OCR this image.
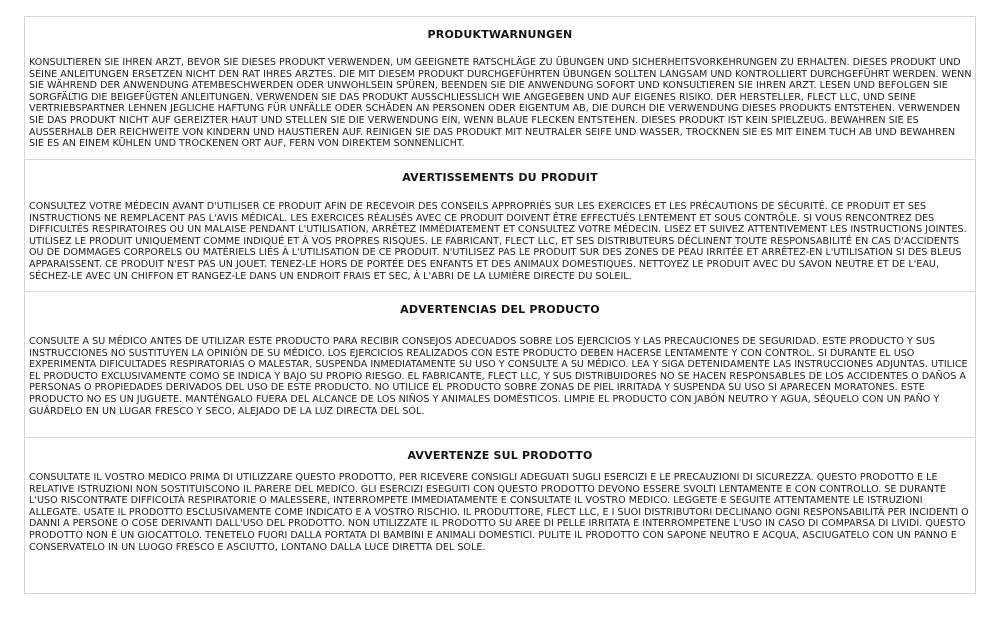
PRODUKTWARNUNGEN
KONSULTIEREN SIE IHREN ARZT, BEVOR SIE DIESES PRODUKT VERWENDEN, UM GEEIGNETE RATSCHLÄGE ZU ÜBUNGEN UND SICHERHEITSVORKEHRUNGEN ZU ERHALTEN. DIESES PRODUKT UND SEINE ANLEITUNGEN ERSETZEN NICHT DEN RAT IHRES ARZTES. DIE MIT DIESEM PRODUKT DURCHGEFÜHRTEN ÜBUNGEN SOLLTEN LANGSAM UND KONTROLLIERT DURCHGEFÜHRT WERDEN. WENN SIE WÄHREND DER ANWENDUNG ATEMBESCHWERDEN ODER UNWOHLSEIN SPÜREN, BEENDEN SIE DIE ANWENDUNG SOFORT UND KONSULTIEREN SIE IHREN ARZT. LESEN UND BEFOLGEN SIE SORGFÄLTIG DIE BEIGEFÜGTEN ANLEITUNGEN. VERWENDEN SIE DAS PRODUKT AUSSCHLIESSLICH WIE ANGEGEBEN UND AUF EIGENES RISIKO. DER HERSTELLER, FLECT LLC, UND SEINE VERTRIEBSPARTNER LEHNEN JEGLICHE HAFTUNG FÜR UNFÄLLE ODER SCHÄDEN AN PERSONEN ODER EIGENTUM AB, DIE DURCH DIE VERWENDUNG DIESES PRODUKTS ENTSTEHEN. VERWENDEN SIE DAS PRODUKT NICHT AUF GEREIZTER HAUT UND STELLEN SIE DIE VERWENDUNG EIN, WENN BLAUE FLECKEN ENTSTEHEN. DIESES PRODUKT IST KEIN SPIELZEUG. BEWAHREN SIE ES AUSSERHALB DER REICHWEITE VON KINDERN UND HAUSTIEREN AUF. REINIGEN SIE DAS PRODUKT MIT NEUTRALER SEIFE UND WASSER, TROCKNEN SIE ES MIT EINEM TUCH AB UND BEWAHREN SIE ES AN EINEM KÜHLEN UND TROCKENEN ORT AUF, FERN VON DIREKTEM SONNENLICHT.
AVERTISSEMENTS DU PRODUIT
CONSULTEZ VOTRE MÉDECIN AVANT D'UTILISER CE PRODUIT AFIN DE RECEVOIR DES CONSEILS APPROPRIÉS SUR LES EXERCICES ET LES PRÉCAUTIONS DE SÉCURITÉ. CE PRODUIT ET SES INSTRUCTIONS NE REMPLACENT PAS L'AVIS MÉDICAL. LES EXERCICES RÉALISÉS AVEC CE PRODUIT DOIVENT ÊTRE EFFECTUÉS LENTEMENT ET SOUS CONTRÔLE. SI VOUS RENCONTREZ DES DIFFICULTÉS RESPIRATOIRES OU UN MALAISE PENDANT L'UTILISATION, ARRÊTEZ IMMÉDIATEMENT ET CONSULTEZ VOTRE MÉDECIN. LISEZ ET SUIVEZ ATTENTIVEMENT LES INSTRUCTIONS JOINTES. UTILISEZ LE PRODUIT UNIQUEMENT COMME INDIQUÉ ET À VOS PROPRES RISQUES. LE FABRICANT, FLECT LLC, ET SES DISTRIBUTEURS DÉCLINENT TOUTE RESPONSABILITÉ EN CAS D'ACCIDENTS OU DE DOMMAGES CORPORELS OU MATÉRIELS LIÉS À L'UTILISATION DE CE PRODUIT. N'UTILISEZ PAS LE PRODUIT SUR DES ZONES DE PEAU IRRITÉE ET ARRÊTEZ-EN L'UTILISATION SI DES BLEUS APPARAISSENT. CE PRODUIT N'EST PAS UN JOUET. TENEZ-LE HORS DE PORTÉE DES ENFANTS ET DES ANIMAUX DOMESTIQUES. NETTOYEZ LE PRODUIT AVEC DU SAVON NEUTRE ET DE L'EAU, SÉCHEZ-LE AVEC UN CHIFFON ET RANGEZ-LE DANS UN ENDROIT FRAIS ET SEC, À L'ABRI DE LA LUMIÈRE DIRECTE DU SOLEIL.
ADVERTENCIAS DEL PRODUCTO
CONSULTE A SU MÉDICO ANTES DE UTILIZAR ESTE PRODUCTO PARA RECIBIR CONSEJOS ADECUADOS SOBRE LOS EJERCICIOS Y LAS PRECAUCIONES DE SEGURIDAD. ESTE PRODUCTO Y SUS INSTRUCCIONES NO SUSTITUYEN LA OPINIÓN DE SU MÉDICO. LOS EJERCICIOS REALIZADOS CON ESTE PRODUCTO DEBEN HACERSE LENTAMENTE Y CON CONTROL. SI DURANTE EL USO EXPERIMENTA DIFICULTADES RESPIRATORIAS O MALESTAR, SUSPENDA INMEDIATAMENTE SU USO Y CONSULTE A SU MÉDICO. LEA Y SIGA DETENIDAMENTE LAS INSTRUCCIONES ADJUNTAS. UTILICE EL PRODUCTO EXCLUSIVAMENTE COMO SE INDICA Y BAJO SU PROPIO RIESGO. EL FABRICANTE, FLECT LLC, Y SUS DISTRIBUIDORES NO SE HACEN RESPONSABLES DE LOS ACCIDENTES O DAÑOS A PERSONAS O PROPIEDADES DERIVADOS DEL USO DE ESTE PRODUCTO. NO UTILICE EL PRODUCTO SOBRE ZONAS DE PIEL IRRITADA Y SUSPENDA SU USO SI APARECEN MORATONES. ESTE PRODUCTO NO ES UN JUGUETE. MANTÉNGALO FUERA DEL ALCANCE DE LOS NIÑOS Y ANIMALES DOMÉSTICOS. LIMPIE EL PRODUCTO CON JABÓN NEUTRO Y AGUA, SÉQUELO CON UN PAÑO Y GUÁRDELO EN UN LUGAR FRESCO Y SECO, ALEJADO DE LA LUZ DIRECTA DEL SOL.
AVVERTENZE SUL PRODOTTO
CONSULTATE IL VOSTRO MEDICO PRIMA DI UTILIZZARE QUESTO PRODOTTO, PER RICEVERE CONSIGLI ADEGUATI SUGLI ESERCIZI E LE PRECAUZIONI DI SICUREZZA. QUESTO PRODOTTO E LE RELATIVE ISTRUZIONI NON SOSTITUISCONO IL PARERE DEL MEDICO. GLI ESERCIZI ESEGUITI CON QUESTO PRODOTTO DEVONO ESSERE SVOLTI LENTAMENTE E CON CONTROLLO. SE DURANTE L'USO RISCONTRATE DIFFICOLTÀ RESPIRATORIE O MALESSERE, INTERROMPETE IMMEDIATAMENTE E CONSULTATE IL VOSTRO MEDICO. LEGGETE E SEGUITE ATTENTAMENTE LE ISTRUZIONI ALLEGATE. USATE IL PRODOTTO ESCLUSIVAMENTE COME INDICATO E A VOSTRO RISCHIO. IL PRODUTTORE, FLECT LLC, E I SUOI DISTRIBUTORI DECLINANO OGNI RESPONSABILITÀ PER INCIDENTI O DANNI A PERSONE O COSE DERIVANTI DALL'USO DEL PRODOTTO. NON UTILIZZATE IL PRODOTTO SU AREE DI PELLE IRRITATA E INTERROMPETENE L'USO IN CASO DI COMPARSA DI LIVIDI. QUESTO PRODOTTO NON È UN GIOCATTOLO. TENETELO FUORI DALLA PORTATA DI BAMBINI E ANIMALI DOMESTICI. PULITE IL PRODOTTO CON SAPONE NEUTRO E ACQUA, ASCIUGATELO CON UN PANNO E CONSERVATELO IN UN LUOGO FRESCO E ASCIUTTO, LONTANO DALLA LUCE DIRETTA DEL SOLE.
